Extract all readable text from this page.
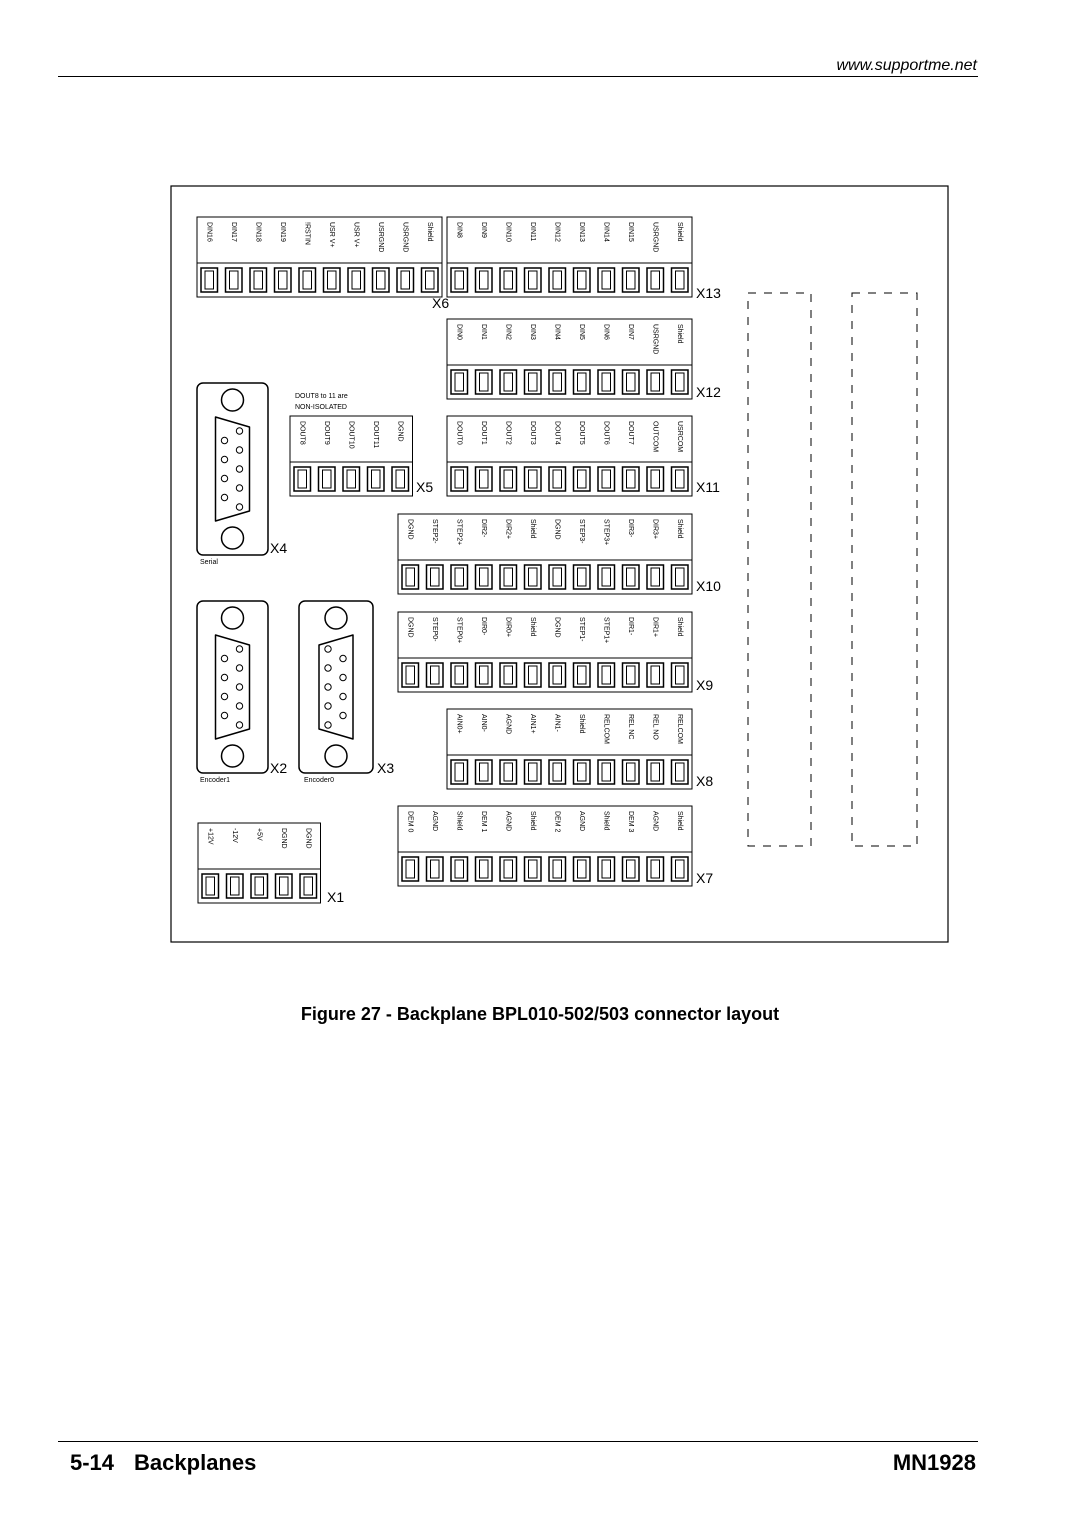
www.supportme.net
DIN16	DIN17	DIN18	DIN19	!RSTIN	USR V+	USR V+	USRGND	USRGND	Shield
X6
DIN8	DIN9	DIN10	DIN11	DIN12	DIN13	DIN14	DIN15	USRGND	Shield
X13
DIN0	DIN1	DIN2	DIN3	DIN4	DIN5	DIN6	DIN7	USRGND	Shield
X12
DOUT8	DOUT9	DOUT10	DOUT11	DGND
X5
DOUT0	DOUT1	DOUT2	DOUT3	DOUT4	DOUT5	DOUT6	DOUT7	OUTCOM	USRCOM
X11
DGND	STEP2-	STEP2+	DIR2-	DIR2+	Shield	DGND	STEP3-	STEP3+	DIR3-	DIR3+	Shield
X10
DGND	STEP0-	STEP0+	DIR0-	DIR0+	Shield	DGND	STEP1-	STEP1+	DIR1-	DIR1+	Shield
X9
AIN0+	AIN0-	AGND	AIN1+	AIN1-	Shield	RELCOM	REL NC	REL NO	RELCOM
X8
DEM 0	AGND	Shield	DEM 1	AGND	Shield	DEM 2	AGND	Shield	DEM 3	AGND	Shield
X7
+12V	-12V	+5V	DGND	DGND
X1
X4
X2	X3
DOUT8 to 11 are
NON-ISOLATED
Serial
Encoder1	Encoder0
Figure 27 - Backplane BPL010-502/503 connector layout
5-14 Backplanes	MN1928
